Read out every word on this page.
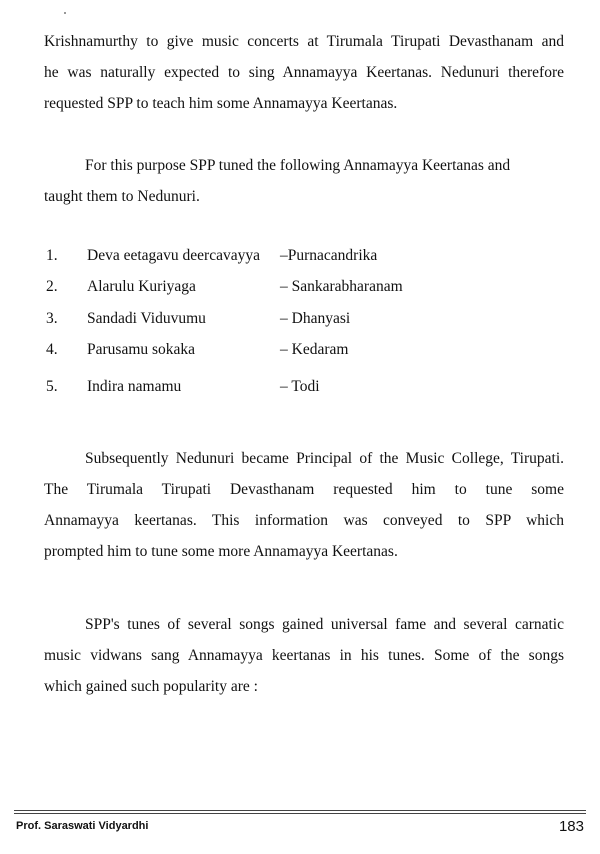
Krishnamurthy to give music concerts at Tirumala Tirupati Devasthanam and
he was naturally expected to sing Annamayya Keertanas. Nedunuri therefore
requested SPP to teach him some Annamayya Keertanas.

For this purpose SPP tuned the following Annamayya Keertanas and
taught them to Nedunuri.

1. Deva eetagavu deercavayya –Purnacandrika
2. Alarulu Kuriyaga	– Sankarabharanam
3. Sandadi Viduvumu	– Dhanyasi
4. Parusamu sokaka	– Kedaram
5. Indira namamu	– Todi

Subsequently Nedunuri became Principal of the Music College, Tirupati.
The Tirumala Tirupati Devasthanam requested him to tune some
Annamayya keertanas. This information was conveyed to SPP which
prompted him to tune some more Annamayya Keertanas.

SPP's tunes of several songs gained universal fame and several carnatic
music vidwans sang Annamayya keertanas in his tunes. Some of the songs
which gained such popularity are :

Prof. Saraswati Vidyardhi	183
